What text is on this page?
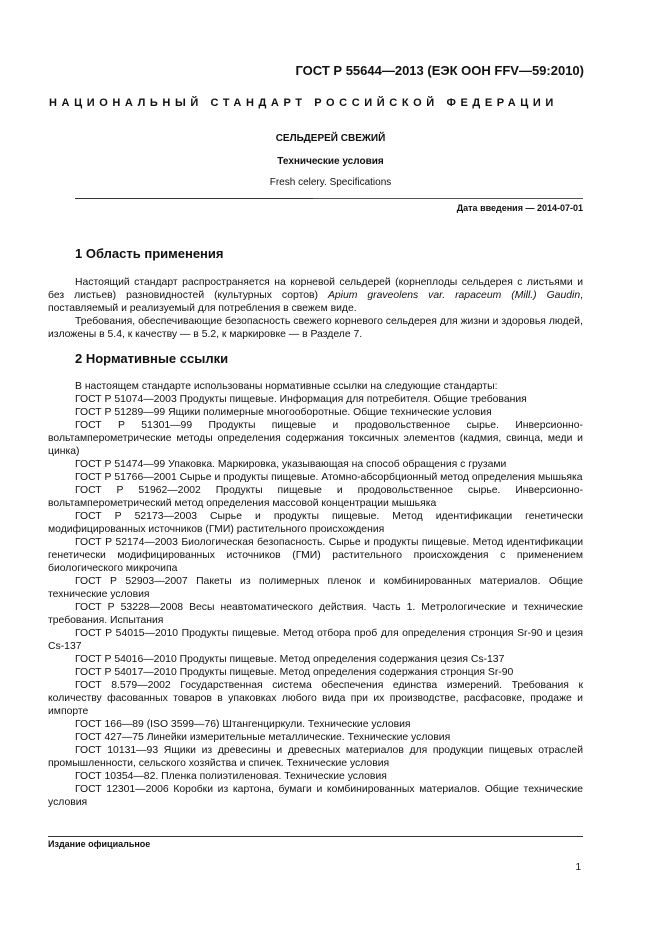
ГОСТ Р 55644—2013 (ЕЭК ООН FFV—59:2010)
НАЦИОНАЛЬНЫЙ СТАНДАРТ РОССИЙСКОЙ ФЕДЕРАЦИИ
СЕЛЬДЕРЕЙ СВЕЖИЙ
Технические условия
Fresh celery. Specifications
Дата введения — 2014-07-01
1 Область применения

Настоящий стандарт распространяется на корневой сельдерей (корнеплоды сельдерея с листьями и без листьев) разновидностей (культурных сортов) Apium graveolens var. rapaceum (Mill.) Gaudin, поставляемый и реализуемый для потребления в свежем виде.

Требования, обеспечивающие безопасность свежего корневого сельдерея для жизни и здоровья людей, изложены в 5.4, к качеству — в 5.2, к маркировке — в Разделе 7.

2 Нормативные ссылки

В настоящем стандарте использованы нормативные ссылки на следующие стандарты:

ГОСТ Р 51074—2003 Продукты пищевые. Информация для потребителя. Общие требования

ГОСТ Р 51289—99 Ящики полимерные многооборотные. Общие технические условия

ГОСТ Р 51301—99 Продукты пищевые и продовольственное сырье. Инверсионно-вольтамперометрические методы определения содержания токсичных элементов (кадмия, свинца, меди и цинка)

ГОСТ Р 51474—99 Упаковка. Маркировка, указывающая на способ обращения с грузами

ГОСТ Р 51766—2001 Сырье и продукты пищевые. Атомно-абсорбционный метод определения мышьяка

ГОСТ Р 51962—2002 Продукты пищевые и продовольственное сырье. Инверсионно-вольтамперометрический метод определения массовой концентрации мышьяка

ГОСТ Р 52173—2003 Сырье и продукты пищевые. Метод идентификации генетически модифицированных источников (ГМИ) растительного происхождения

ГОСТ Р 52174—2003 Биологическая безопасность. Сырье и продукты пищевые. Метод идентификации генетически модифицированных источников (ГМИ) растительного происхождения с применением биологического микрочипа

ГОСТ Р 52903—2007 Пакеты из полимерных пленок и комбинированных материалов. Общие технические условия

ГОСТ Р 53228—2008 Весы неавтоматического действия. Часть 1. Метрологические и технические требования. Испытания

ГОСТ Р 54015—2010 Продукты пищевые. Метод отбора проб для определения стронция Sr-90 и цезия Cs-137

ГОСТ Р 54016—2010 Продукты пищевые. Метод определения содержания цезия Cs-137

ГОСТ Р 54017—2010 Продукты пищевые. Метод определения содержания стронция Sr-90

ГОСТ 8.579—2002 Государственная система обеспечения единства измерений. Требования к количеству фасованных товаров в упаковках любого вида при их производстве, расфасовке, продаже и импорте

ГОСТ 166—89 (ISO 3599—76) Штангенциркули. Технические условия

ГОСТ 427—75 Линейки измерительные металлические. Технические условия

ГОСТ 10131—93 Ящики из древесины и древесных материалов для продукции пищевых отраслей промышленности, сельского хозяйства и спичек. Технические условия

ГОСТ 10354—82. Пленка полиэтиленовая. Технические условия

ГОСТ 12301—2006 Коробки из картона, бумаги и комбинированных материалов. Общие технические условия

Издание официальное
1
